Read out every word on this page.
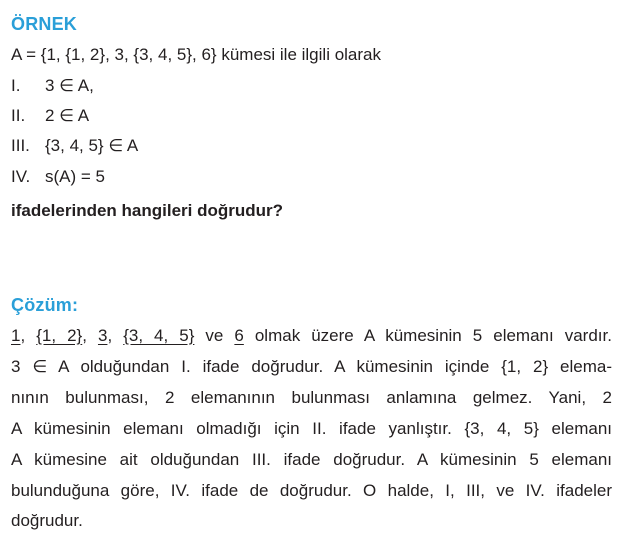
ÖRNEK
A = {1, {1, 2}, 3, {3, 4, 5}, 6} kümesi ile ilgili olarak
I. 3 ∈ A,
II. 2 ∈ A
III. {3, 4, 5} ∈ A
IV. s(A) = 5
ifadelerinden hangileri doğrudur?
Çözüm:
1, {1, 2}, 3, {3, 4, 5} ve 6 olmak üzere A kümesinin 5 elemanı vardır.
3 ∈ A olduğundan I. ifade doğrudur. A kümesinin içinde {1, 2} elema-
nının bulunması, 2 elemanının bulunması anlamına gelmez. Yani, 2
A kümesinin elemanı olmadığı için II. ifade yanlıştır. {3, 4, 5} elemanı
A kümesine ait olduğundan III. ifade doğrudur. A kümesinin 5 elemanı
bulunduğuna göre, IV. ifade de doğrudur. O halde, I, III, ve IV. ifadeler
doğrudur.
